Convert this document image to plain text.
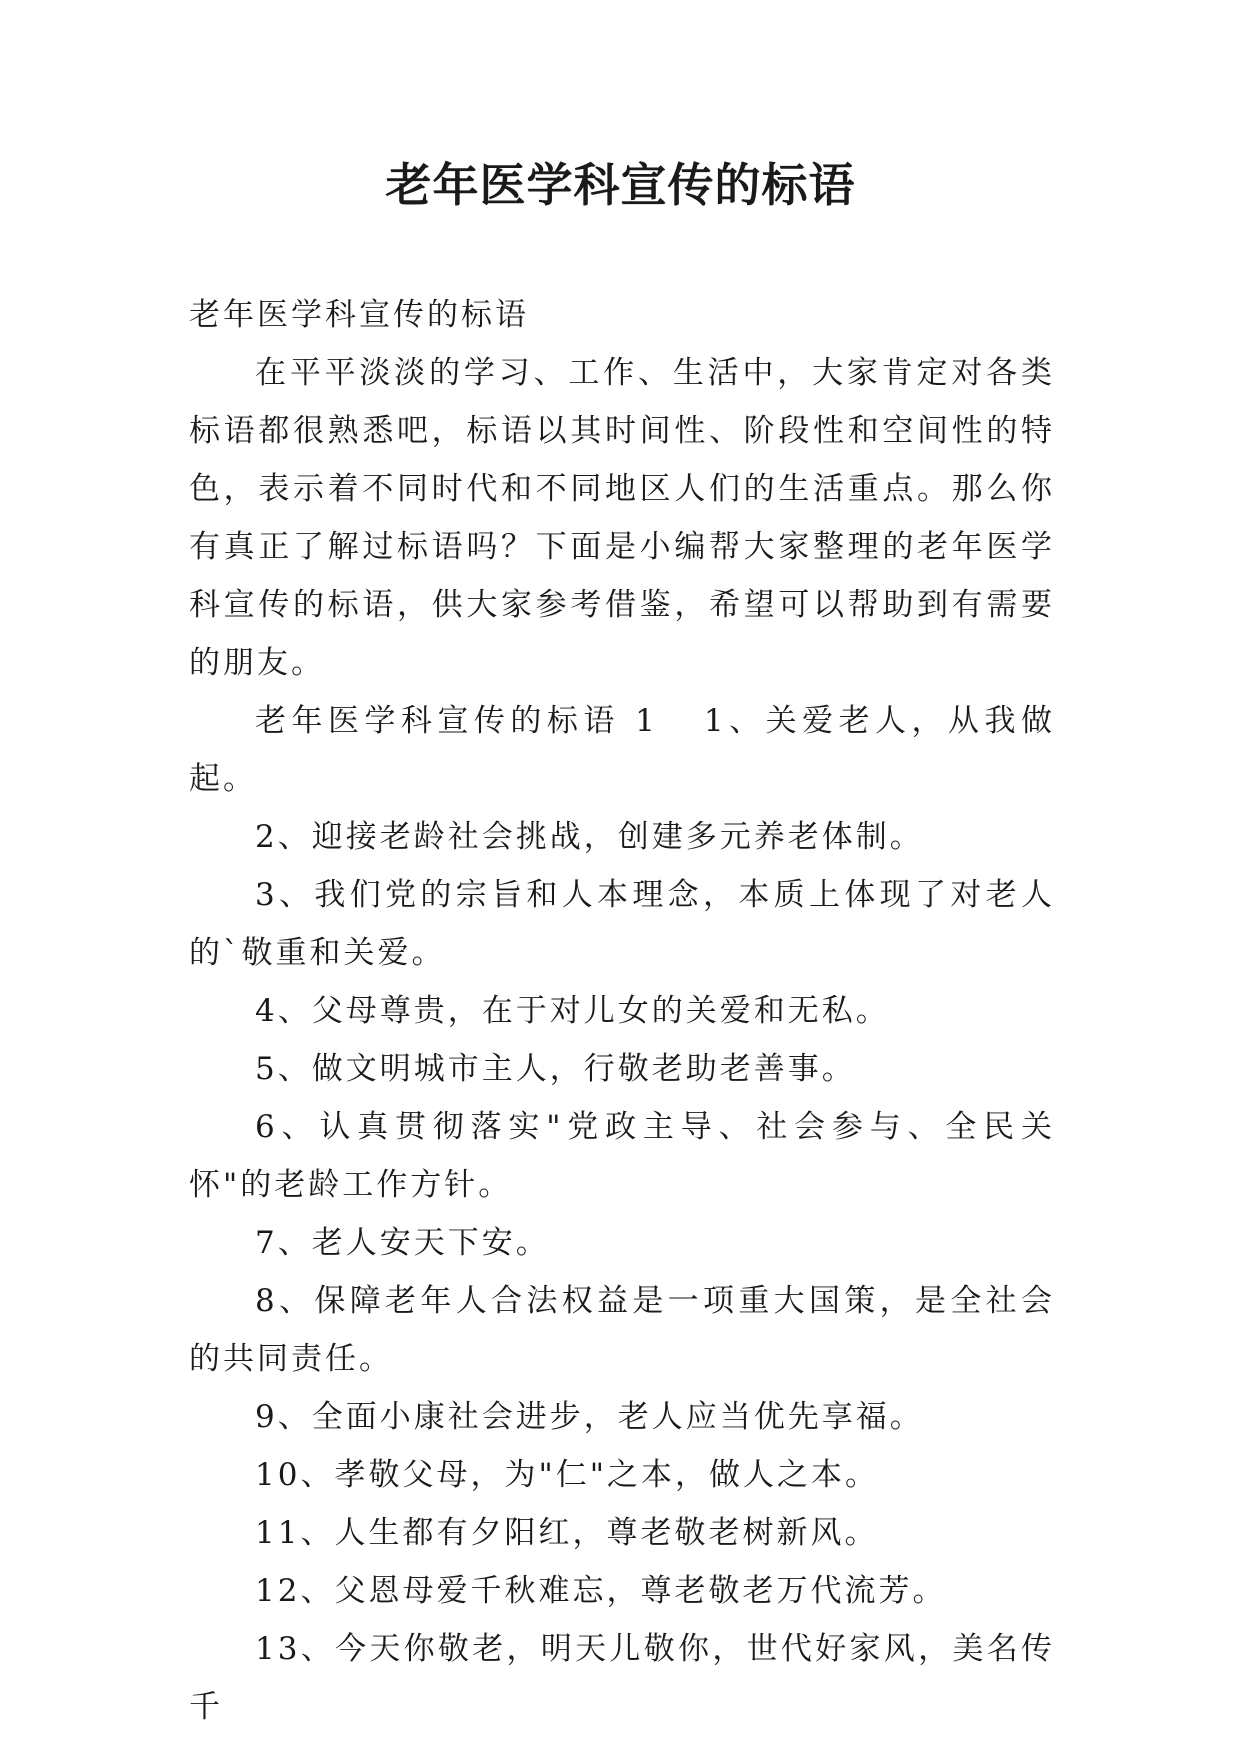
老年医学科宣传的标语

老年医学科宣传的标语

在平平淡淡的学习、工作、生活中，大家肯定对各类标语都很熟悉吧，标语以其时间性、阶段性和空间性的特色，表示着不同时代和不同地区人们的生活重点。那么你有真正了解过标语吗？下面是小编帮大家整理的老年医学科宣传的标语，供大家参考借鉴，希望可以帮助到有需要的朋友。

老年医学科宣传的标语 1 1、关爱老人，从我做起。

2、迎接老龄社会挑战，创建多元养老体制。

3、我们党的宗旨和人本理念，本质上体现了对老人的`敬重和关爱。

4、父母尊贵，在于对儿女的关爱和无私。

5、做文明城市主人，行敬老助老善事。

6、认真贯彻落实"党政主导、社会参与、全民关怀"的老龄工作方针。

7、老人安天下安。

8、保障老年人合法权益是一项重大国策，是全社会的共同责任。

9、全面小康社会进步，老人应当优先享福。

10、孝敬父母，为"仁"之本，做人之本。

11、人生都有夕阳红，尊老敬老树新风。

12、父恩母爱千秋难忘，尊老敬老万代流芳。

13、今天你敬老，明天儿敬你，世代好家风，美名传千
